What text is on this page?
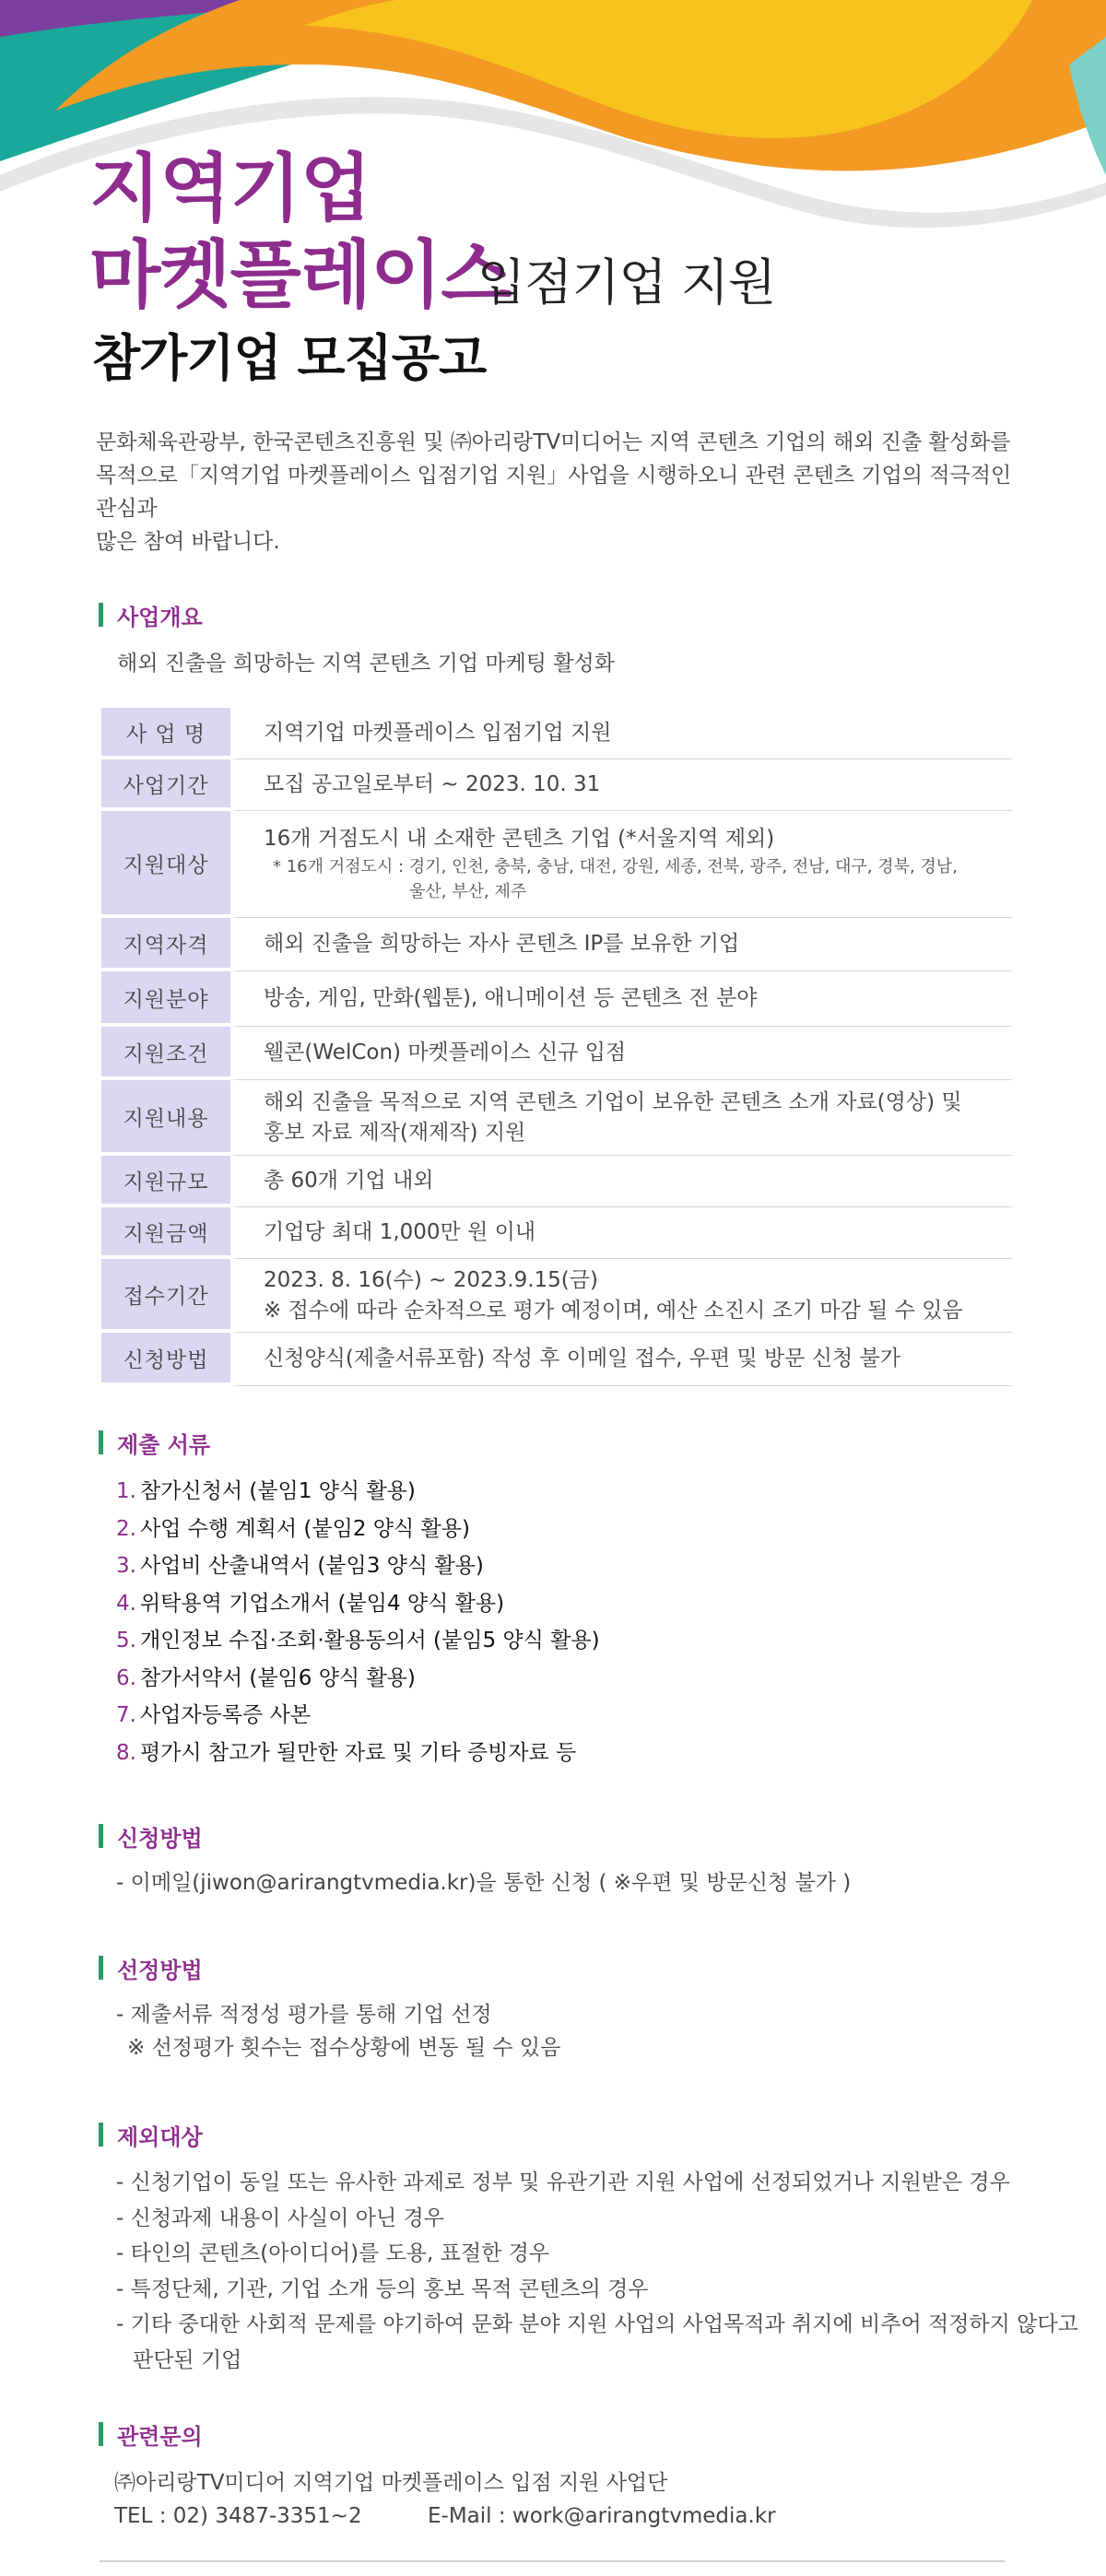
지역기업
마켓플레이스
입점기업 지원
참가기업 모집공고

문화체육관광부, 한국콘텐츠진흥원 및 ㈜아리랑TV미디어는 지역 콘텐츠 기업의 해외 진출 활성화를

목적으로「지역기업 마켓플레이스 입점기업 지원」사업을 시행하오니 관련 콘텐츠 기업의 적극적인 관심과

많은 참여 바랍니다.

사업개요
해외 진출을 희망하는 지역 콘텐츠 기업 마케팅 활성화
사 업 명	지역기업 마켓플레이스 입점기업 지원

사업기간	모집 공고일로부터 ~ 2023. 10. 31

지원대상	16개 거점도시 내 소재한 콘텐츠 기업 (*서울지역 제외)
* 16개 거점도시 : 경기, 인천, 충북, 충남, 대전, 강원, 세종, 전북, 광주, 전남, 대구, 경북, 경남,
울산, 부산, 제주

지역자격	해외 진출을 희망하는 자사 콘텐츠 IP를 보유한 기업

지원분야	방송, 게임, 만화(웹툰), 애니메이션 등 콘텐츠 전 분야

지원조건	웰콘(WelCon) 마켓플레이스 신규 입점

지원내용	해외 진출을 목적으로 지역 콘텐츠 기업이 보유한 콘텐츠 소개 자료(영상) 및
홍보 자료 제작(재제작) 지원

지원규모	총 60개 기업 내외

지원금액	기업당 최대 1,000만 원 이내

접수기간	2023. 8. 16(수) ~ 2023.9.15(금)
※ 접수에 따라 순차적으로 평가 예정이며, 예산 소진시 조기 마감 될 수 있음

신청방법	신청양식(제출서류포함) 작성 후 이메일 접수, 우편 및 방문 신청 불가
제출 서류
1. 참가신청서 (붙임1 양식 활용)
2. 사업 수행 계획서 (붙임2 양식 활용)
3. 사업비 산출내역서 (붙임3 양식 활용)
4. 위탁용역 기업소개서 (붙임4 양식 활용)
5. 개인정보 수집·조회·활용동의서 (붙임5 양식 활용)
6. 참가서약서 (붙임6 양식 활용)
7. 사업자등록증 사본
8. 평가시 참고가 될만한 자료 및 기타 증빙자료 등
신청방법
- 이메일(jiwon@arirangtvmedia.kr)을 통한 신청 ( ※우편 및 방문신청 불가 )
선정방법
- 제출서류 적정성 평가를 통해 기업 선정
※ 선정평가 횟수는 접수상황에 변동 될 수 있음
제외대상
- 신청기업이 동일 또는 유사한 과제로 정부 및 유관기관 지원 사업에 선정되었거나 지원받은 경우
- 신청과제 내용이 사실이 아닌 경우
- 타인의 콘텐츠(아이디어)를 도용, 표절한 경우
- 특정단체, 기관, 기업 소개 등의 홍보 목적 콘텐츠의 경우
- 기타 중대한 사회적 문제를 야기하여 문화 분야 지원 사업의 사업목적과 취지에 비추어 적정하지 않다고
판단된 기업
관련문의
㈜아리랑TV미디어 지역기업 마켓플레이스 입점 지원 사업단
TEL : 02) 3487-3351~2	E-Mail : work@arirangtvmedia.kr
